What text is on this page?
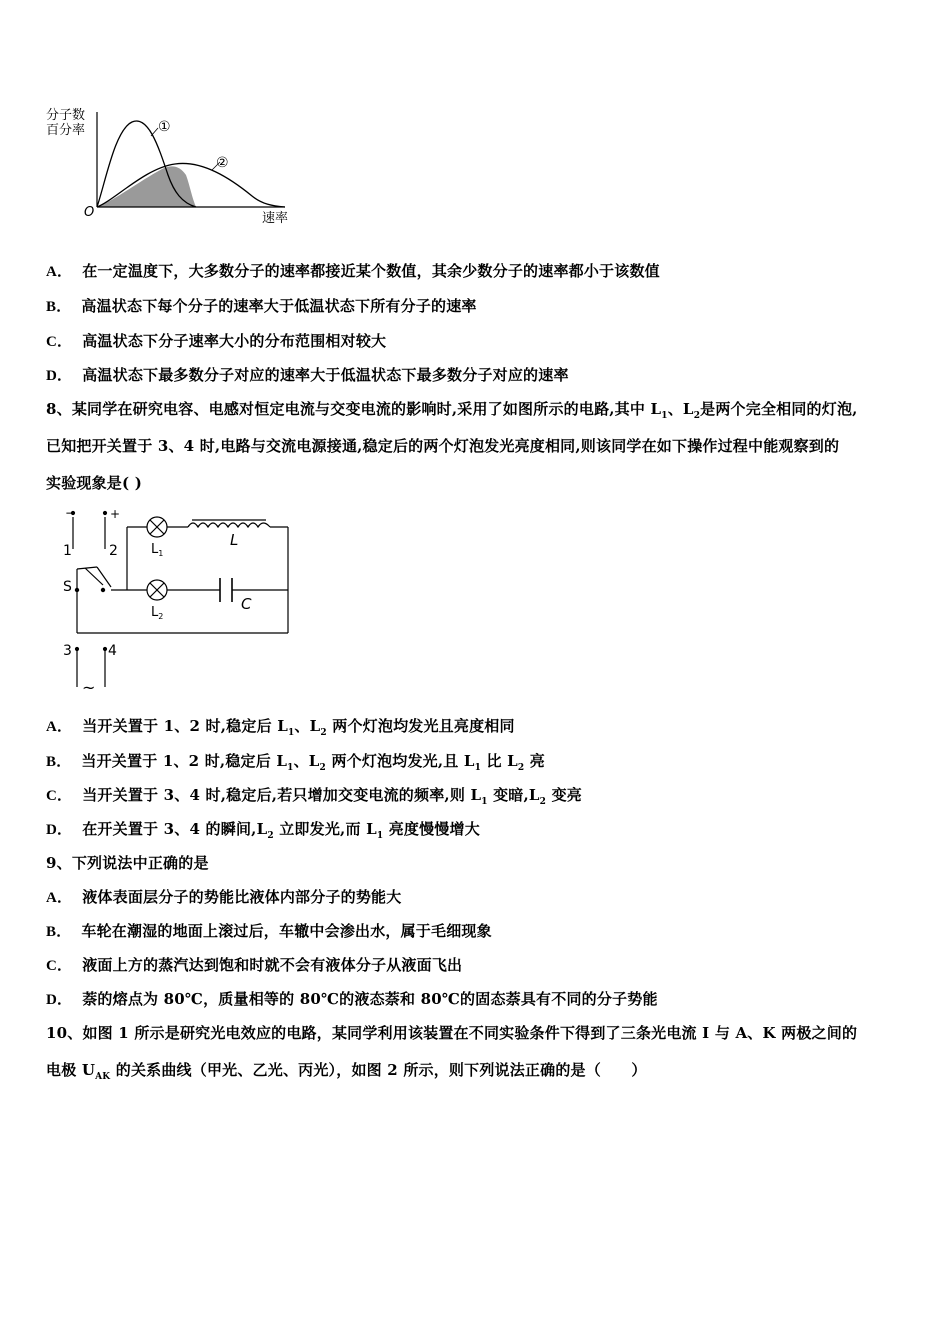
①
②
分子数
百分率
O	速率
A． 在一定温度下，大多数分子的速率都接近某个数值，其余少数分子的速率都小于该数值
B． 高温状态下每个分子的速率大于低温状态下所有分子的速率
C． 高温状态下分子速率大小的分布范围相对较大
D． 高温状态下最多数分子对应的速率大于低温状态下最多数分子对应的速率
8、某同学在研究电容、电感对恒定电流与交变电流的影响时,采用了如图所示的电路,其中 $L_1$、$L_2$是两个完全相同的灯泡,
已知把开关置于 3、4 时,电路与交流电源接通,稳定后的两个灯泡发光亮度相同,则该同学在如下操作过程中能观察到的
实验现象是( )
−	+
1	2
S
$L_1$
$L_2$
L
C
3	4
~
A． 当开关置于 1、2 时,稳定后 $L_1$、$L_2$ 两个灯泡均发光且亮度相同
B． 当开关置于 1、2 时,稳定后 $L_1$、$L_2$ 两个灯泡均发光,且 $L_1$ 比 $L_2$ 亮
C． 当开关置于 3、4 时,稳定后,若只增加交变电流的频率,则 $L_1$ 变暗$,L_2$ 变亮
D． 在开关置于 3、4 的瞬间$,L_2$ 立即发光,而 $L_1$ 亮度慢慢增大
9、下列说法中正确的是
A． 液体表面层分子的势能比液体内部分子的势能大
B． 车轮在潮湿的地面上滚过后，车辙中会渗出水，属于毛细现象
C． 液面上方的蒸汽达到饱和时就不会有液体分子从液面飞出
D． 萘的熔点为 80℃，质量相等的 80℃的液态萘和 80℃的固态萘具有不同的分子势能
10、如图 1 所示是研究光电效应的电路，某同学利用该装置在不同实验条件下得到了三条光电流 I 与 A、K 两极之间的
电极 $U_{AK}$ 的关系曲线（甲光、乙光、丙光），如图 2 所示，则下列说法正确的是（　　）
